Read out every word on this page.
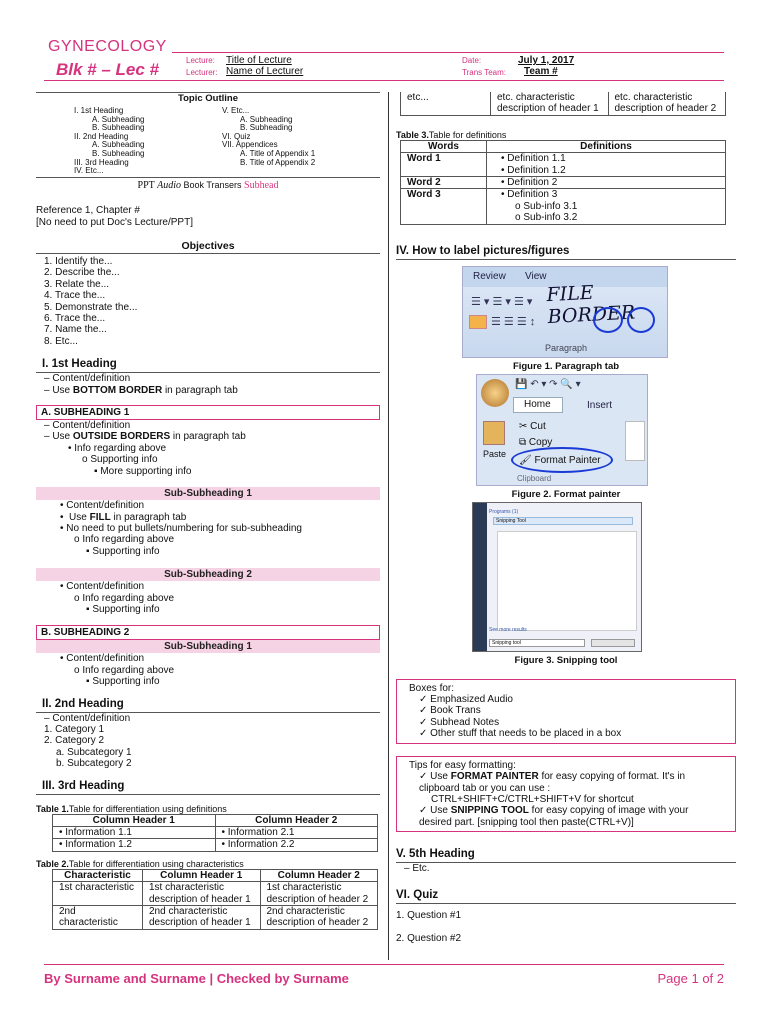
GYNECOLOGY
Blk # – Lec #	Lecture: Title of Lecture
Lecturer: Name of Lecturer
Date:	July 1, 2017
Trans Team: Team #
Topic Outline
I. 1st Heading
A. Subheading
B. Subheading
II. 2nd Heading
A. Subheading
B. Subheading
III. 3rd Heading
IV. Etc...
V. Etc...
A. Subheading
B. Subheading
VI. Quiz
VII. Appendices
A. Title of Appendix 1
B. Title of Appendix 2
PPT Audio Book Transers Subhead
Reference 1, Chapter #
[No need to put Doc's Lecture/PPT]
Objectives
1. Identify the...
2. Describe the...
3. Relate the...
4. Trace the...
5. Demonstrate the...
6. Trace the...
7. Name the...
8. Etc...
I. 1st Heading
– Content/definition
– Use BOTTOM BORDER in paragraph tab
A. SUBHEADING 1
– Content/definition
– Use OUTSIDE BORDERS in paragraph tab
• Info regarding above
o Supporting info
▪ More supporting info
Sub-Subheading 1
• Content/definition
•  Use FILL in paragraph tab
• No need to put bullets/numbering for sub-subheading
o Info regarding above
▪ Supporting info
Sub-Subheading 2
• Content/definition
o Info regarding above
▪ Supporting info
B. SUBHEADING 2
Sub-Subheading 1
• Content/definition
o Info regarding above
▪ Supporting info
II. 2nd Heading
– Content/definition
1. Category 1
2. Category 2
a. Subcategory 1
b. Subcategory 2
III. 3rd Heading
Table 1.Table for differentiation using definitions
Column Header 1	Column Header 2
• Information 1.1	• Information 2.1
• Information 1.2	• Information 2.2
Table 2.Table for differentiation using characteristics
Characteristic	Column Header 1	Column Header 2
1st characteristic	1st characteristic description of header 1	1st characteristic description of header 2
2nd characteristic	2nd characteristic description of header 1	2nd characteristic description of header 2
etc...	etc. characteristic description of header 1	etc. characteristic description of header 2
Table 3.Table for definitions
Words	Definitions
Word 1	• Definition 1.1
• Definition 1.2

Word 2	• Definition 2

Word 3	• Definition 3
o Sub-info 3.1
o Sub-info 3.2
IV. How to label pictures/figures
Review View
☰ ▾ ☰ ▾ ☰ ▾
☰ ☰ ☰ ↕
FILE BORDER
Paragraph
Figure 1. Paragraph tab
💾 ↶ ▾ ↷ 🔍 ▾
Home	Insert
Paste
✂ Cut
⧉ Copy
🖌 Format Painter
Clipboard
Figure 2. Format painter
Programs (1)
Snipping Tool
See more results
Snipping tool
Figure 3. Snipping tool
Boxes for:
✓ Emphasized Audio
✓ Book Trans
✓ Subhead Notes
✓ Other stuff that needs to be placed in a box
Tips for easy formatting:
✓ Use FORMAT PAINTER for easy copying of format. It's in clipboard tab or you can use :
CTRL+SHIFT+C/CTRL+SHIFT+V for shortcut
✓ Use SNIPPING TOOL for easy copying of image with your desired part. [snipping tool then paste(CTRL+V)]
V. 5th Heading
– Etc.
VI. Quiz
1. Question #1
2. Question #2
By Surname and Surname | Checked by Surname	Page 1 of 2
